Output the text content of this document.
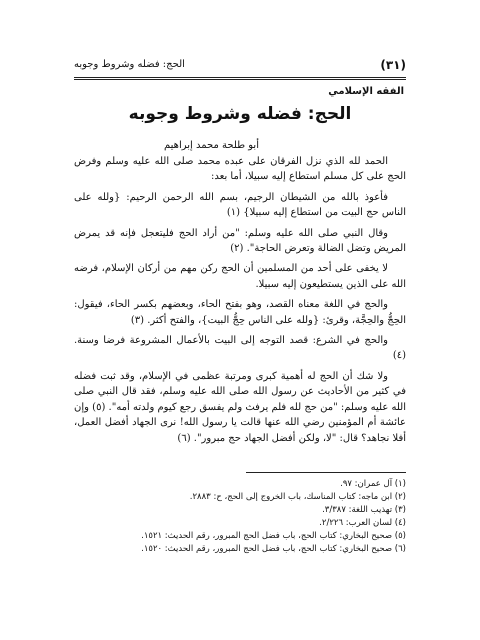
(٣١)
الحج: فضله وشروط وجوبه
الفقه الإسلامي
الحج: فضله وشروط وجوبه
أبو طلحة محمد إبراهيم

الحمد لله الذي نزل الفرقان على عبده محمد صلى الله عليه وسلم وفرض الحج على كل مسلم استطاع إليه سبيلا، أما بعد:

فأعوذ بالله من الشيطان الرجيم، بسم الله الرحمن الرحيم: {ولله على الناس حج البيت من استطاع إليه سبيلا} (١)

وقال النبي صلى الله عليه وسلم: "من أراد الحج فليتعجل فإنه قد يمرض المريض وتضل الضالة وتعرض الحاجة". (٢)

لا يخفى على أحد من المسلمين أن الحج ركن مهم من أركان الإسلام، فرضه الله على الذين يستطيعون إليه سبيلا.

والحج في اللغة معناه القصد، وهو بفتح الحاء، وبعضهم بكسر الحاء، فيقول: الحِجُّ والحِجَّة، وقرئ: {ولله على الناس حِجُّ البيت}، والفتح أكثر. (٣)

والحج في الشرع: قصد التوجه إلى البيت بالأعمال المشروعة فرضا وسنة. (٤)

ولا شك أن الحج له أهمية كبرى ومرتبة عظمى في الإسلام، وقد ثبت فضله في كثير من الأحاديث عن رسول الله صلى الله عليه وسلم، فقد قال النبي صلى الله عليه وسلم: "من حج لله فلم يرفث ولم يفسق رجع كيوم ولدته أمه". (٥) وإن عائشة أم المؤمنين رضي الله عنها قالت يا رسول الله! نرى الجهاد أفضل العمل، أفلا نجاهد؟ قال: "لا، ولكن أفضل الجهاد حج مبرور". (٦)

(١) آل عمران: ٩٧.
(٢) ابن ماجه: كتاب المناسك، باب الخروج إلى الحج، ح: ٢٨٨٣.
(٣) تهذيب اللغة: ٣/٣٨٧.
(٤) لسان العرب: ٢/٢٢٦.
(٥) صحيح البخاري: كتاب الحج، باب فضل الحج المبرور، رقم الحديث: ١٥٢١.
(٦) صحيح البخاري: كتاب الحج، باب فضل الحج المبرور، رقم الحديث: ١٥٢٠.
